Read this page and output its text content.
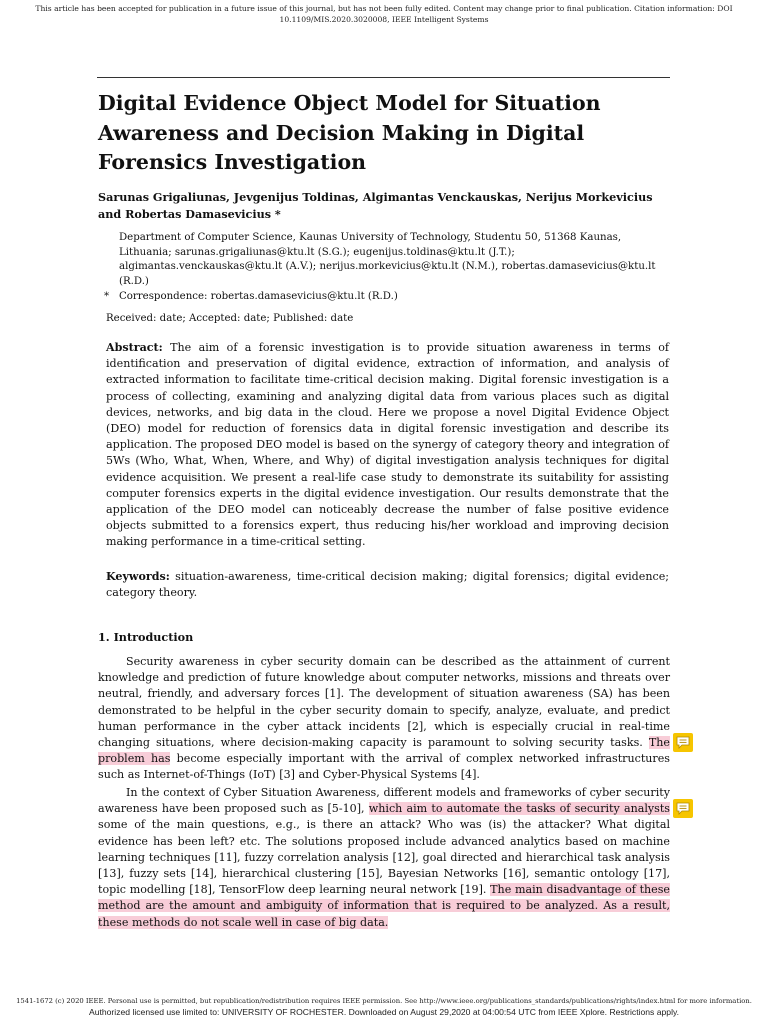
This article has been accepted for publication in a future issue of this journal, but has not been fully edited. Content may change prior to final publication. Citation information: DOI 10.1109/MIS.2020.3020008, IEEE Intelligent Systems
Digital Evidence Object Model for Situation Awareness and Decision Making in Digital Forensics Investigation
Sarunas Grigaliunas, Jevgenijus Toldinas, Algimantas Venckauskas, Nerijus Morkevicius and Robertas Damasevicius *
Department of Computer Science, Kaunas University of Technology, Studentu 50, 51368 Kaunas, Lithuania; sarunas.grigaliunas@ktu.lt (S.G.); eugenijus.toldinas@ktu.lt (J.T.); algimantas.venckauskas@ktu.lt (A.V.); nerijus.morkevicius@ktu.lt (N.M.), robertas.damasevicius@ktu.lt (R.D.)
* Correspondence: robertas.damasevicius@ktu.lt (R.D.)
Received: date; Accepted: date; Published: date
Abstract: The aim of a forensic investigation is to provide situation awareness in terms of identification and preservation of digital evidence, extraction of information, and analysis of extracted information to facilitate time-critical decision making. Digital forensic investigation is a process of collecting, examining and analyzing digital data from various places such as digital devices, networks, and big data in the cloud. Here we propose a novel Digital Evidence Object (DEO) model for reduction of forensics data in digital forensic investigation and describe its application. The proposed DEO model is based on the synergy of category theory and integration of 5Ws (Who, What, When, Where, and Why) of digital investigation analysis techniques for digital evidence acquisition. We present a real-life case study to demonstrate its suitability for assisting computer forensics experts in the digital evidence investigation. Our results demonstrate that the application of the DEO model can noticeably decrease the number of false positive evidence objects submitted to a forensics expert, thus reducing his/her workload and improving decision making performance in a time-critical setting.
Keywords: situation-awareness, time-critical decision making; digital forensics; digital evidence; category theory.
1. Introduction

Security awareness in cyber security domain can be described as the attainment of current knowledge and prediction of future knowledge about computer networks, missions and threats over neutral, friendly, and adversary forces [1]. The development of situation awareness (SA) has been demonstrated to be helpful in the cyber security domain to specify, analyze, evaluate, and predict human performance in the cyber attack incidents [2], which is especially crucial in real-time changing situations, where decision-making capacity is paramount to solving security tasks. The problem has become especially important with the arrival of complex networked infrastructures such as Internet-of-Things (IoT) [3] and Cyber-Physical Systems [4].

In the context of Cyber Situation Awareness, different models and frameworks of cyber security awareness have been proposed such as [5-10], which aim to automate the tasks of security analysts some of the main questions, e.g., is there an attack? Who was (is) the attacker? What digital evidence has been left? etc. The solutions proposed include advanced analytics based on machine learning techniques [11], fuzzy correlation analysis [12], goal directed and hierarchical task analysis [13], fuzzy sets [14], hierarchical clustering [15], Bayesian Networks [16], semantic ontology [17], topic modelling [18], TensorFlow deep learning neural network [19]. The main disadvantage of these method are the amount and ambiguity of information that is required to be analyzed. As a result, these methods do not scale well in case of big data.

1541-1672 (c) 2020 IEEE. Personal use is permitted, but republication/redistribution requires IEEE permission. See http://www.ieee.org/publications_standards/publications/rights/index.html for more information.
Authorized licensed use limited to: UNIVERSITY OF ROCHESTER. Downloaded on August 29,2020 at 04:00:54 UTC from IEEE Xplore. Restrictions apply.
